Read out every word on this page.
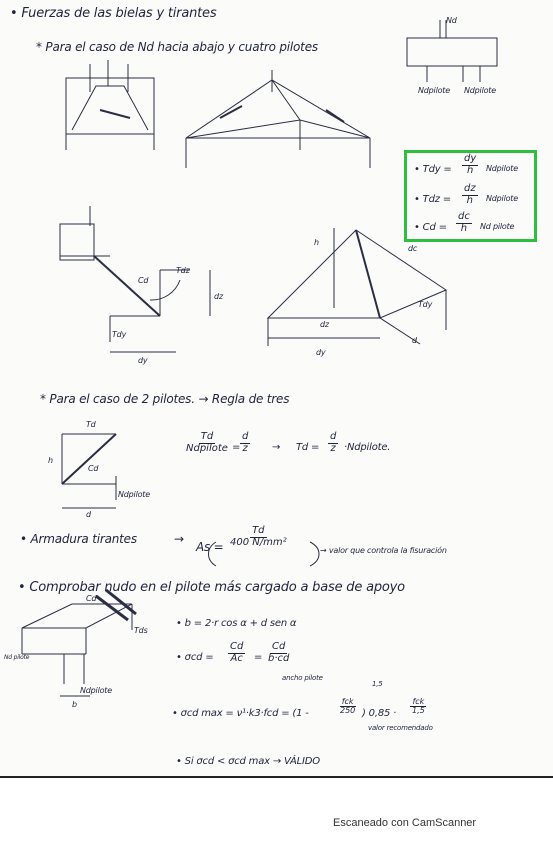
• Fuerzas de las bielas y tirantes
* Para el caso de Nd hacia abajo y cuatro pilotes
Nd
Ndpilote Ndpilote
• Tdy = $\frac{dy}{h}$ Ndpilote
• Tdz = $\frac{dz}{h}$ Ndpilote
• $Cd = \frac{dc}{h}$ Nd pilote
Cd
Tdz
Tdy
dz
dy
h
dc
Tdy
dz
dy
d
* Para el caso de 2 pilotes. → Regla de tres
Td
h
Cd
Ndpilote
d
Td
Ndpilote = $\frac{d}{z} \to Td = \frac{d}{z}$ ·Ndpilote.
• Armadura tirantes	→
$As = \frac{Td}{\text{400 N/mm²}}$
→ valor que controla la fisuración
• Comprobar nudo en el pilote más cargado a base de apoyo
• b = 2·r cos α + d sen α
• $\sigma cd = \frac{Cd}{Ac} = \frac{Cd}{b\cdot cd}$
ancho pilote
1,5
• σcd max = ν¹·k3·fcd = (1 -
fck
250 ) 0,85 ·
fck
1,5
valor recomendado
• Si σcd < σcd max → VÁLIDO
Cd
Tds
Ndpilote
Nd pilote
b
Escaneado con CamScanner
